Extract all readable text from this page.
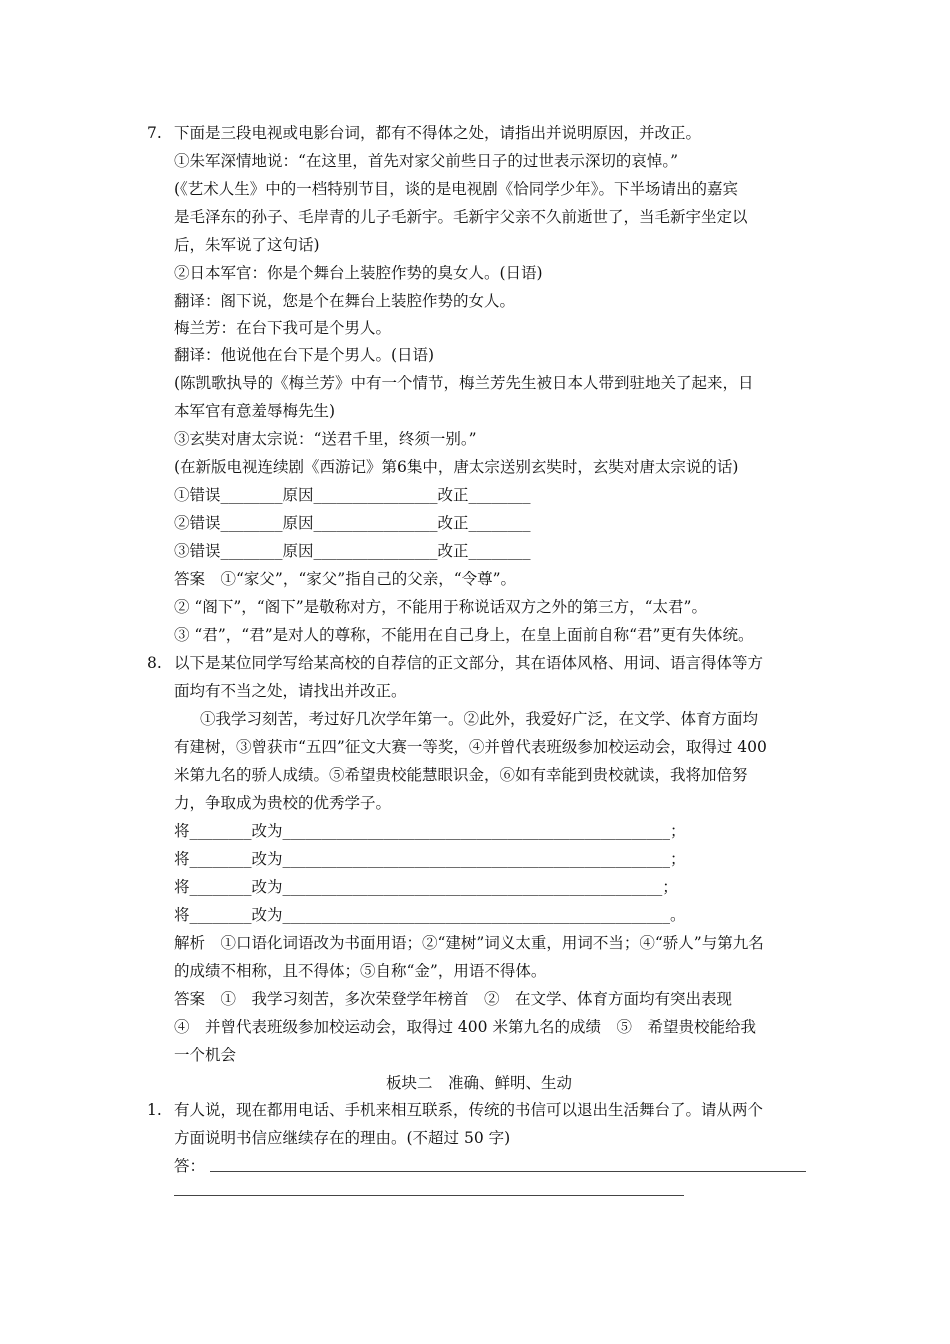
7. 下面是三段电视或电影台词，都有不得体之处，请指出并说明原因，并改正。
①朱军深情地说：“在这里，首先对家父前些日子的过世表示深切的哀悼。”
(《艺术人生》中的一档特别节目，谈的是电视剧《恰同学少年》。下半场请出的嘉宾
是毛泽东的孙子、毛岸青的儿子毛新宇。毛新宇父亲不久前逝世了，当毛新宇坐定以
后，朱军说了这句话)
②日本军官：你是个舞台上装腔作势的臭女人。(日语)
翻译：阁下说，您是个在舞台上装腔作势的女人。
梅兰芳：在台下我可是个男人。
翻译：他说他在台下是个男人。(日语)
(陈凯歌执导的《梅兰芳》中有一个情节，梅兰芳先生被日本人带到驻地关了起来，日
本军官有意羞辱梅先生)
③玄奘对唐太宗说：“送君千里，终须一别。”
(在新版电视连续剧《西游记》第6集中，唐太宗送别玄奘时，玄奘对唐太宗说的话)
①错误________原因________________改正________
②错误________原因________________改正________
③错误________原因________________改正________
答案　①“家父”，“家父”指自己的父亲，“令尊”。
② “阁下”，“阁下”是敬称对方，不能用于称说话双方之外的第三方，“太君”。
③ “君”，“君”是对人的尊称，不能用在自己身上，在皇上面前自称“君”更有失体统。
8. 以下是某位同学写给某高校的自荐信的正文部分，其在语体风格、用词、语言得体等方
面均有不当之处，请找出并改正。
①我学习刻苦，考过好几次学年第一。②此外，我爱好广泛，在文学、体育方面均
有建树，③曾获市“五四”征文大赛一等奖，④并曾代表班级参加校运动会，取得过 400
米第九名的骄人成绩。⑤希望贵校能慧眼识金，⑥如有幸能到贵校就读，我将加倍努
力，争取成为贵校的优秀学子。
将________改为__________________________________________________；
将________改为__________________________________________________；
将________改为_________________________________________________；
将________改为__________________________________________________。
解析　①口语化词语改为书面用语；②“建树”词义太重，用词不当；④“骄人”与第九名
的成绩不相称，且不得体；⑤自称“金”，用语不得体。
答案　①　我学习刻苦，多次荣登学年榜首　②　在文学、体育方面均有突出表现
④　并曾代表班级参加校运动会，取得过 400 米第九名的成绩　⑤　希望贵校能给我
一个机会
板块二　准确、鲜明、生动
1. 有人说，现在都用电话、手机来相互联系，传统的书信可以退出生活舞台了。请从两个
方面说明书信应继续存在的理由。(不超过 50 字)
答：
